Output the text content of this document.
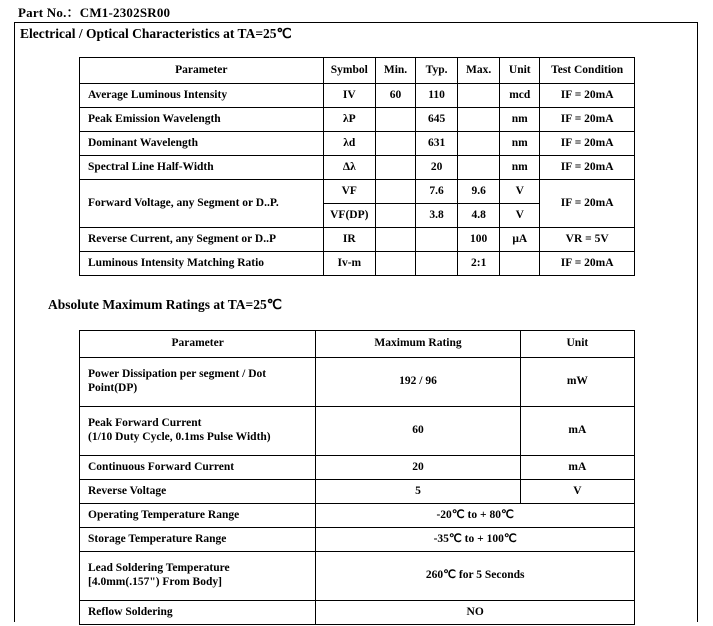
Part No.：CM1-2302SR00
Electrical / Optical Characteristics at TA=25℃
Parameter	Symbol	Min.	Typ.	Max.	Unit	Test Condition
Average Luminous Intensity	IV	60	110		mcd	IF = 20mA
Peak Emission Wavelength	λP		645		nm	IF = 20mA
Dominant Wavelength	λd		631		nm	IF = 20mA
Spectral Line Half-Width	Δλ		20		nm	IF = 20mA
Forward Voltage, any Segment or D..P.	VF		7.6	9.6	V	IF = 20mA
	VF(DP)		3.8	4.8	V	
Reverse Current, any Segment or D..P	IR			100	μA	VR = 5V
Luminous Intensity Matching Ratio	Iv-m			2:1		IF = 20mA
Absolute Maximum Ratings at TA=25℃
Parameter	Maximum Rating	Unit

Power Dissipation per segment / Dot
Point(DP)	192 / 96	mW

Peak Forward Current
(1/10 Duty Cycle, 0.1ms Pulse Width)	60	mA
Continuous Forward Current	20	mA
Reverse Voltage	5	V
Operating Temperature Range	-20℃ to + 80℃	
Storage Temperature Range	-35℃ to + 100℃	

Lead Soldering Temperature
[4.0mm(.157") From Body]	260℃ for 5 Seconds	
Reflow Soldering	NO	
